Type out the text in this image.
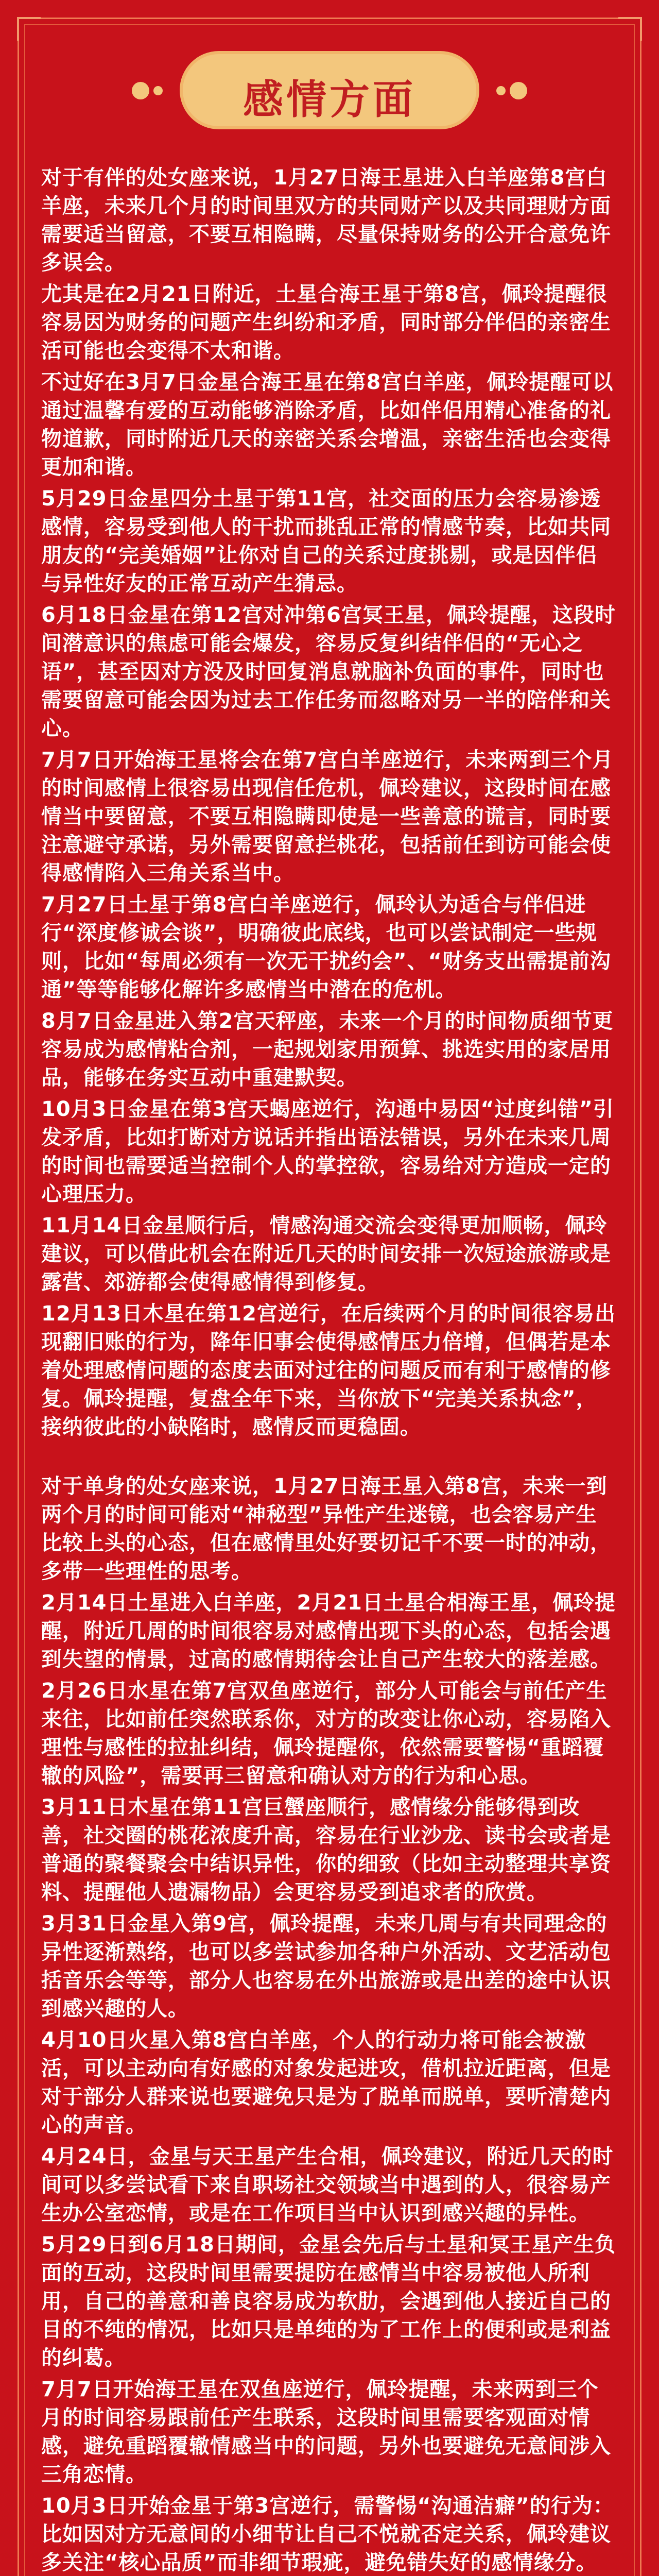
感情方面

对于有伴的处女座来说，1月27日海王星进入白羊座第8宫白羊座，未来几个月的时间里双方的共同财产以及共同理财方面需要适当留意，不要互相隐瞒，尽量保持财务的公开合意免许多误会。

尤其是在2月21日附近，土星合海王星于第8宫，佩玲提醒很容易因为财务的问题产生纠纷和矛盾，同时部分伴侣的亲密生活可能也会变得不太和谐。

不过好在3月7日金星合海王星在第8宫白羊座，佩玲提醒可以通过温馨有爱的互动能够消除矛盾，比如伴侣用精心准备的礼物道歉，同时附近几天的亲密关系会增温，亲密生活也会变得更加和谐。

5月29日金星四分土星于第11宫，社交面的压力会容易渗透感情，容易受到他人的干扰而挑乱正常的情感节奏，比如共同朋友的“完美婚姻”让你对自己的关系过度挑剔，或是因伴侣与异性好友的正常互动产生猜忌。

6月18日金星在第12宫对冲第6宫冥王星，佩玲提醒，这段时间潜意识的焦虑可能会爆发，容易反复纠结伴侣的“无心之语”，甚至因对方没及时回复消息就脑补负面的事件，同时也需要留意可能会因为过去工作任务而忽略对另一半的陪伴和关心。

7月7日开始海王星将会在第7宫白羊座逆行，未来两到三个月的时间感情上很容易出现信任危机，佩玲建议，这段时间在感情当中要留意，不要互相隐瞒即使是一些善意的谎言，同时要注意避守承诺，另外需要留意拦桃花，包括前任到访可能会使得感情陷入三角关系当中。

7月27日土星于第8宫白羊座逆行，佩玲认为适合与伴侣进行“深度修诚会谈”，明确彼此底线，也可以尝试制定一些规则，比如“每周必须有一次无干扰约会”、“财务支出需提前沟通”等等能够化解许多感情当中潜在的危机。

8月7日金星进入第2宫天秤座，未来一个月的时间物质细节更容易成为感情粘合剂，一起规划家用预算、挑选实用的家居用品，能够在务实互动中重建默契。

10月3日金星在第3宫天蝎座逆行，沟通中易因“过度纠错”引发矛盾，比如打断对方说话并指出语法错误，另外在未来几周的时间也需要适当控制个人的掌控欲，容易给对方造成一定的心理压力。

11月14日金星顺行后，情感沟通交流会变得更加顺畅，佩玲建议，可以借此机会在附近几天的时间安排一次短途旅游或是露营、郊游都会使得感情得到修复。

12月13日木星在第12宫逆行，在后续两个月的时间很容易出现翻旧账的行为，降年旧事会使得感情压力倍增，但偶若是本着处理感情问题的态度去面对过往的问题反而有利于感情的修复。佩玲提醒，复盘全年下来，当你放下“完美关系执念”，接纳彼此的小缺陷时，感情反而更稳固。

对于单身的处女座来说，1月27日海王星入第8宫，未来一到两个月的时间可能对“神秘型”异性产生迷镜，也会容易产生比较上头的心态，但在感情里处好要切记千不要一时的冲动，多带一些理性的思考。

2月14日土星进入白羊座，2月21日土星合相海王星，佩玲提醒，附近几周的时间很容易对感情出现下头的心态，包括会遇到失望的情景，过高的感情期待会让自己产生较大的落差感。

2月26日水星在第7宫双鱼座逆行，部分人可能会与前任产生来往，比如前任突然联系你，对方的改变让你心动，容易陷入理性与感性的拉扯纠结，佩玲提醒你，依然需要警惕“重蹈覆辙的风险”，需要再三留意和确认对方的行为和心思。

3月11日木星在第11宫巨蟹座顺行，感情缘分能够得到改善，社交圈的桃花浓度升高，容易在行业沙龙、读书会或者是普通的聚餐聚会中结识异性，你的细致（比如主动整理共享资料、提醒他人遗漏物品）会更容易受到追求者的欣赏。

3月31日金星入第9宫，佩玲提醒，未来几周与有共同理念的异性逐渐熟络，也可以多尝试参加各种户外活动、文艺活动包括音乐会等等，部分人也容易在外出旅游或是出差的途中认识到感兴趣的人。

4月10日火星入第8宫白羊座，个人的行动力将可能会被激活，可以主动向有好感的对象发起进攻，借机拉近距离，但是对于部分人群来说也要避免只是为了脱单而脱单，要听清楚内心的声音。

4月24日，金星与天王星产生合相，佩玲建议，附近几天的时间可以多尝试看下来自职场社交领域当中遇到的人，很容易产生办公室恋情，或是在工作项目当中认识到感兴趣的异性。

5月29日到6月18日期间，金星会先后与土星和冥王星产生负面的互动，这段时间里需要提防在感情当中容易被他人所利用，自己的善意和善良容易成为软肋，会遇到他人接近自己的目的不纯的情况，比如只是单纯的为了工作上的便利或是利益的纠葛。

7月7日开始海王星在双鱼座逆行，佩玲提醒，未来两到三个月的时间容易跟前任产生联系，这段时间里需要客观面对情感，避免重蹈覆辙情感当中的问题，另外也要避免无意间涉入三角恋情。

10月3日开始金星于第3宫逆行，需警惕“沟通洁癖”的行为：比如因对方无意间的小细节让自己不悦就否定关系，佩玲建议多关注“核心品质”而非细节瑕疵，避免错失好的感情缘分。
